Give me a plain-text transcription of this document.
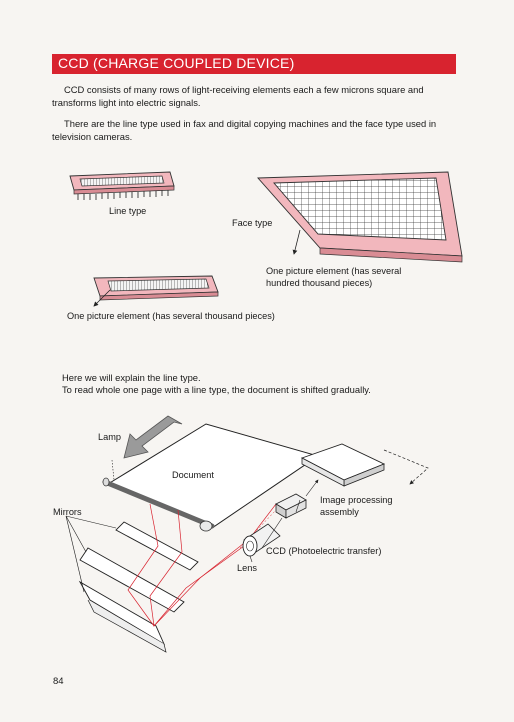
CCD (CHARGE COUPLED DEVICE)
CCD consists of many rows of light-receiving elements each a few microns square and transforms light into electric signals.
There are the line type used in fax and digital copying machines and the face type used in television cameras.
Line type
Face type
One picture element (has several hundred thousand pieces)
One picture element (has several thousand pieces)
Here we will explain the line type.
To read whole one page with a line type, the document is shifted gradually.
Lamp
Document
Mirrors
Image processing assembly
CCD (Photoelectric transfer)
Lens
84
